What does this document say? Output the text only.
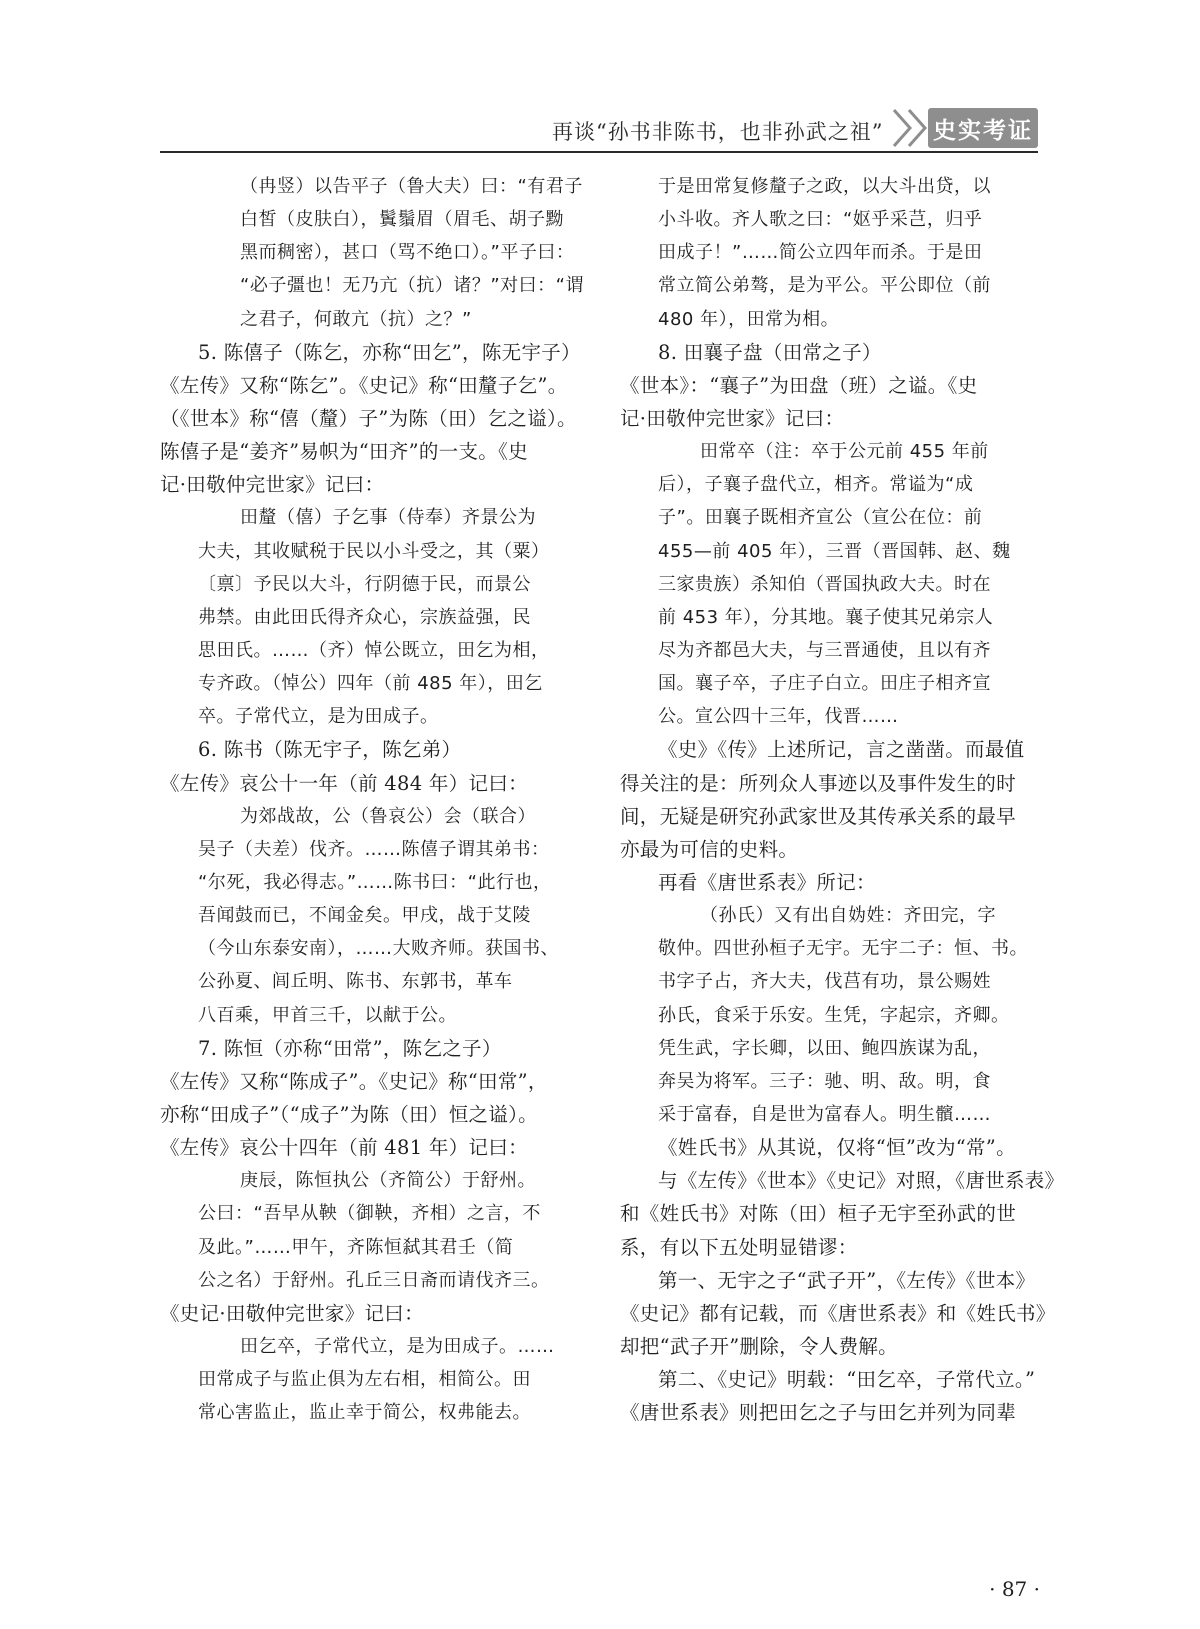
再谈“孙书非陈书，也非孙武之祖” 史实考证
（冉竖）以告平子（鲁大夫）曰：“有君子
白皙（皮肤白），鬒鬚眉（眉毛、胡子黝
黑而稠密），甚口（骂不绝口）。”平子曰：
“必子彊也！无乃亢（抗）诸？”对曰：“谓
之君子，何敢亢（抗）之？”
5. 陈僖子（陈乞，亦称“田乞”，陈无宇子）
《左传》又称“陈乞”。《史记》称“田釐子乞”。
（《世本》称“僖（釐）子”为陈（田）乞之谥）。
陈僖子是“姜齐”易帜为“田齐”的一支。《史
记·田敬仲完世家》记曰：
田釐（僖）子乞事（侍奉）齐景公为
大夫，其收赋税于民以小斗受之，其（粟）
〔禀〕予民以大斗，行阴德于民，而景公
弗禁。由此田氏得齐众心，宗族益强，民
思田氏。……（齐）悼公既立，田乞为相，
专齐政。（悼公）四年（前 485 年），田乞
卒。子常代立，是为田成子。
6. 陈书（陈无宇子，陈乞弟）
《左传》哀公十一年（前 484 年）记曰：
为郊战故，公（鲁哀公）会（联合）
吴子（夫差）伐齐。……陈僖子谓其弟书：
“尔死，我必得志。”……陈书曰：“此行也，
吾闻鼓而已，不闻金矣。甲戌，战于艾陵
（今山东泰安南），……大败齐师。获国书、
公孙夏、闾丘明、陈书、东郭书，革车
八百乘，甲首三千，以献于公。
7. 陈恒（亦称“田常”，陈乞之子）
《左传》又称“陈成子”。《史记》称“田常”，
亦称“田成子”（“成子”为陈（田）恒之谥）。
《左传》哀公十四年（前 481 年）记曰：
庚辰，陈恒执公（齐简公）于舒州。
公曰：“吾早从鞅（御鞅，齐相）之言，不
及此。”……甲午，齐陈恒弑其君壬（简
公之名）于舒州。孔丘三日斋而请伐齐三。
《史记·田敬仲完世家》记曰：
田乞卒，子常代立，是为田成子。……
田常成子与监止俱为左右相，相简公。田
常心害监止，监止幸于简公，权弗能去。
于是田常复修釐子之政，以大斗出贷，以
小斗收。齐人歌之曰：“妪乎采芑，归乎
田成子！”……简公立四年而杀。于是田
常立简公弟骜，是为平公。平公即位（前
480 年），田常为相。
8. 田襄子盘（田常之子）
《世本》：“襄子”为田盘（班）之谥。《史
记·田敬仲完世家》记曰：
田常卒（注：卒于公元前 455 年前
后），子襄子盘代立，相齐。常谥为“成
子”。田襄子既相齐宣公（宣公在位：前
455—前 405 年），三晋（晋国韩、赵、魏
三家贵族）杀知伯（晋国执政大夫。时在
前 453 年），分其地。襄子使其兄弟宗人
尽为齐都邑大夫，与三晋通使，且以有齐
国。襄子卒，子庄子白立。田庄子相齐宣
公。宣公四十三年，伐晋……
《史》《传》上述所记，言之凿凿。而最值
得关注的是：所列众人事迹以及事件发生的时
间，无疑是研究孙武家世及其传承关系的最早
亦最为可信的史料。
再看《唐世系表》所记：
（孙氏）又有出自妫姓：齐田完，字
敬仲。四世孙桓子无宇。无宇二子：恒、书。
书字子占，齐大夫，伐莒有功，景公赐姓
孙氏，食采于乐安。生凭，字起宗，齐卿。
凭生武，字长卿，以田、鲍四族谋为乱，
奔吴为将军。三子：驰、明、敌。明，食
采于富春，自是世为富春人。明生髕……
《姓氏书》从其说，仅将“恒”改为“常”。
与《左传》《世本》《史记》对照，《唐世系表》
和《姓氏书》对陈（田）桓子无宇至孙武的世
系，有以下五处明显错谬：
第一、无宇之子“武子开”，《左传》《世本》
《史记》都有记载，而《唐世系表》和《姓氏书》
却把“武子开”删除，令人费解。
第二、《史记》明载：“田乞卒，子常代立。”
《唐世系表》则把田乞之子与田乞并列为同辈
· 87 ·
